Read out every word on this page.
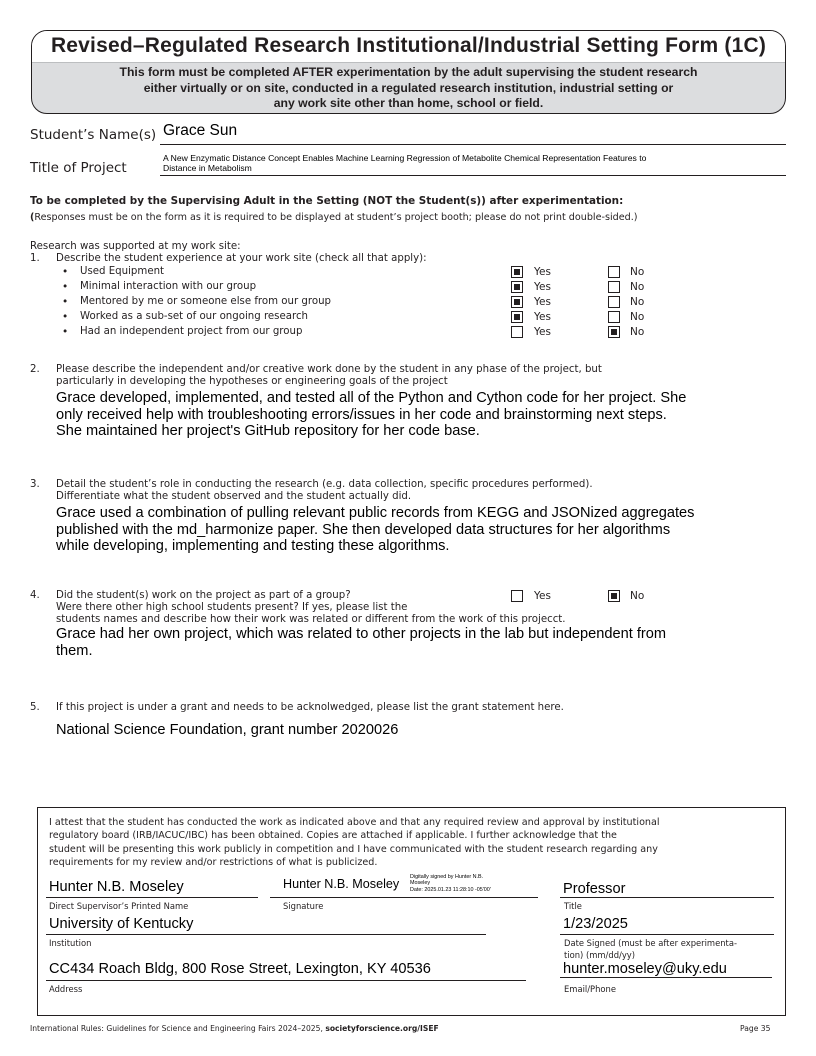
Revised–Regulated Research Institutional/Industrial Setting Form (1C)
This form must be completed AFTER experimentation by the adult supervising the student research
either virtually or on site, conducted in a regulated research institution, industrial setting or
any work site other than home, school or field.
Student’s Name(s) Grace Sun
Title of Project
A New Enzymatic Distance Concept Enables Machine Learning Regression of Metabolite Chemical Representation Features to
Distance in Metabolism
To be completed by the Supervising Adult in the Setting (NOT the Student(s)) after experimentation:
(Responses must be on the form as it is required to be displayed at student’s project booth; please do not print double-sided.)
Research was supported at my work site:
1. Describe the student experience at your work site (check all that apply):
• Used Equipment	Yes	No
• Minimal interaction with our group	Yes	No
• Mentored by me or someone else from our group	Yes	No
• Worked as a sub-set of our ongoing research	Yes	No
• Had an independent project from our group	Yes	No
2. Please describe the independent and/or creative work done by the student in any phase of the project, but
particularly in developing the hypotheses or engineering goals of the project
Grace developed, implemented, and tested all of the Python and Cython code for her project. She
only received help with troubleshooting errors/issues in her code and brainstorming next steps.
She maintained her project's GitHub repository for her code base.
3. Detail the student’s role in conducting the research (e.g. data collection, specific procedures performed).
Differentiate what the student observed and the student actually did.
Grace used a combination of pulling relevant public records from KEGG and JSONized aggregates
published with the md_harmonize paper. She then developed data structures for her algorithms
while developing, implementing and testing these algorithms.
4. Did the student(s) work on the project as part of a group?
Were there other high school students present? If yes, please list the
students names and describe how their work was related or different from the work of this projecct.
Yes	No
Grace had her own project, which was related to other projects in the lab but independent from
them.
5. If this project is under a grant and needs to be acknolwedged, please list the grant statement here.
National Science Foundation, grant number 2020026
I attest that the student has conducted the work as indicated above and that any required review and approval by institutional
regulatory board (IRB/IACUC/IBC) has been obtained. Copies are attached if applicable. I further acknowledge that the
student will be presenting this work publicly in competition and I have communicated with the student research regarding any
requirements for my review and/or restrictions of what is publicized.
Hunter N.B. Moseley
Direct Supervisor’s Printed Name
Hunter N.B. Moseley Digitally signed by Hunter N.B.
Moseley
Date: 2025.01.23 11:28:10 -05'00'
Signature
Professor
Title
University of Kentucky
Institution
1/23/2025
Date Signed (must be after experimenta-
tion) (mm/dd/yy)
CC434 Roach Bldg, 800 Rose Street, Lexington, KY 40536
Address
hunter.moseley@uky.edu
Email/Phone
International Rules: Guidelines for Science and Engineering Fairs 2024–2025, societyforscience.org/ISEF	Page 35
